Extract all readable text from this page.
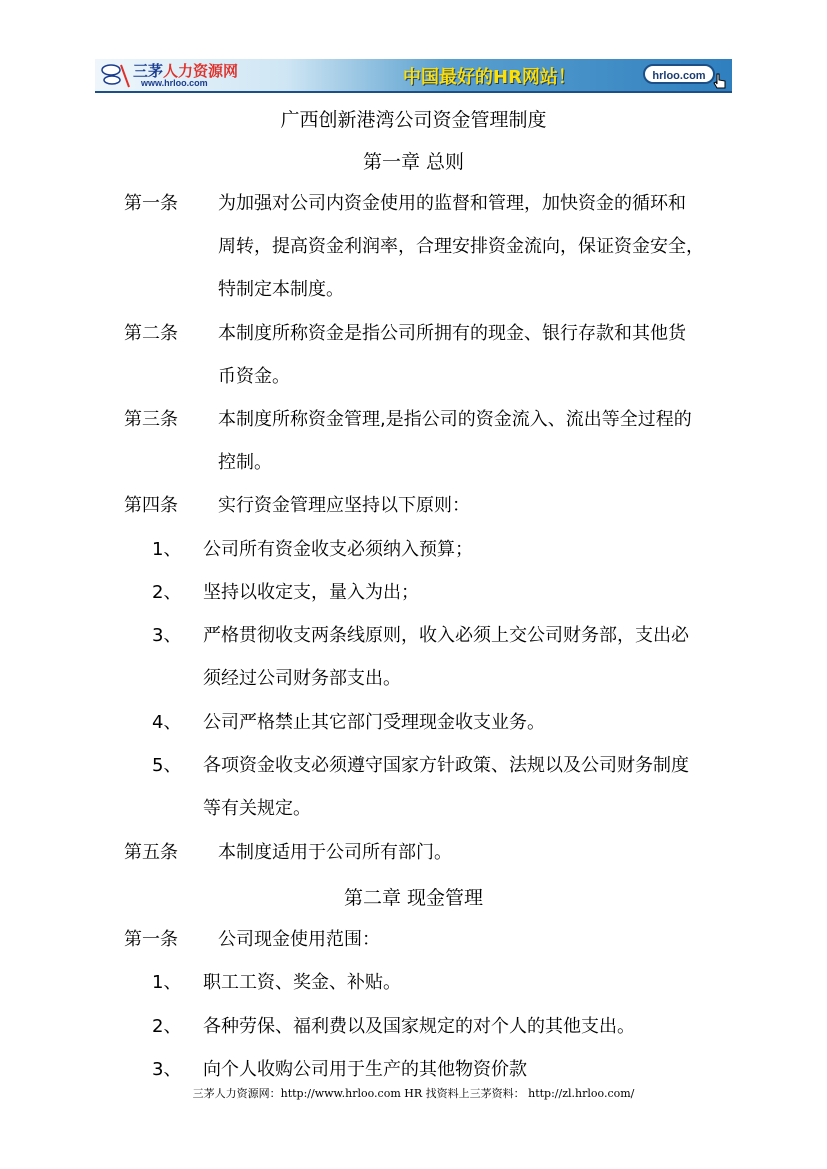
三茅人力资源网
www.hrloo.com	中国最好的HR网站！	hrloo.com
广西创新港湾公司资金管理制度
第一章 总则
第一条 为加强对公司内资金使用的监督和管理，加快资金的循环和
周转，提高资金利润率，合理安排资金流向，保证资金安全，
特制定本制度。
第二条 本制度所称资金是指公司所拥有的现金、银行存款和其他货
币资金。
第三条 本制度所称资金管理,是指公司的资金流入、流出等全过程的
控制。
第四条 实行资金管理应坚持以下原则：
1、 公司所有资金收支必须纳入预算；
2、 坚持以收定支，量入为出；
3、 严格贯彻收支两条线原则，收入必须上交公司财务部，支出必
须经过公司财务部支出。
4、 公司严格禁止其它部门受理现金收支业务。
5、 各项资金收支必须遵守国家方针政策、法规以及公司财务制度
等有关规定。
第五条 本制度适用于公司所有部门。
第二章 现金管理
第一条 公司现金使用范围：
1、 职工工资、奖金、补贴。
2、 各种劳保、福利费以及国家规定的对个人的其他支出。
3、 向个人收购公司用于生产的其他物资价款
三茅人力资源网：http://www.hrloo.com HR 找资料上三茅资料： http://zl.hrloo.com/
